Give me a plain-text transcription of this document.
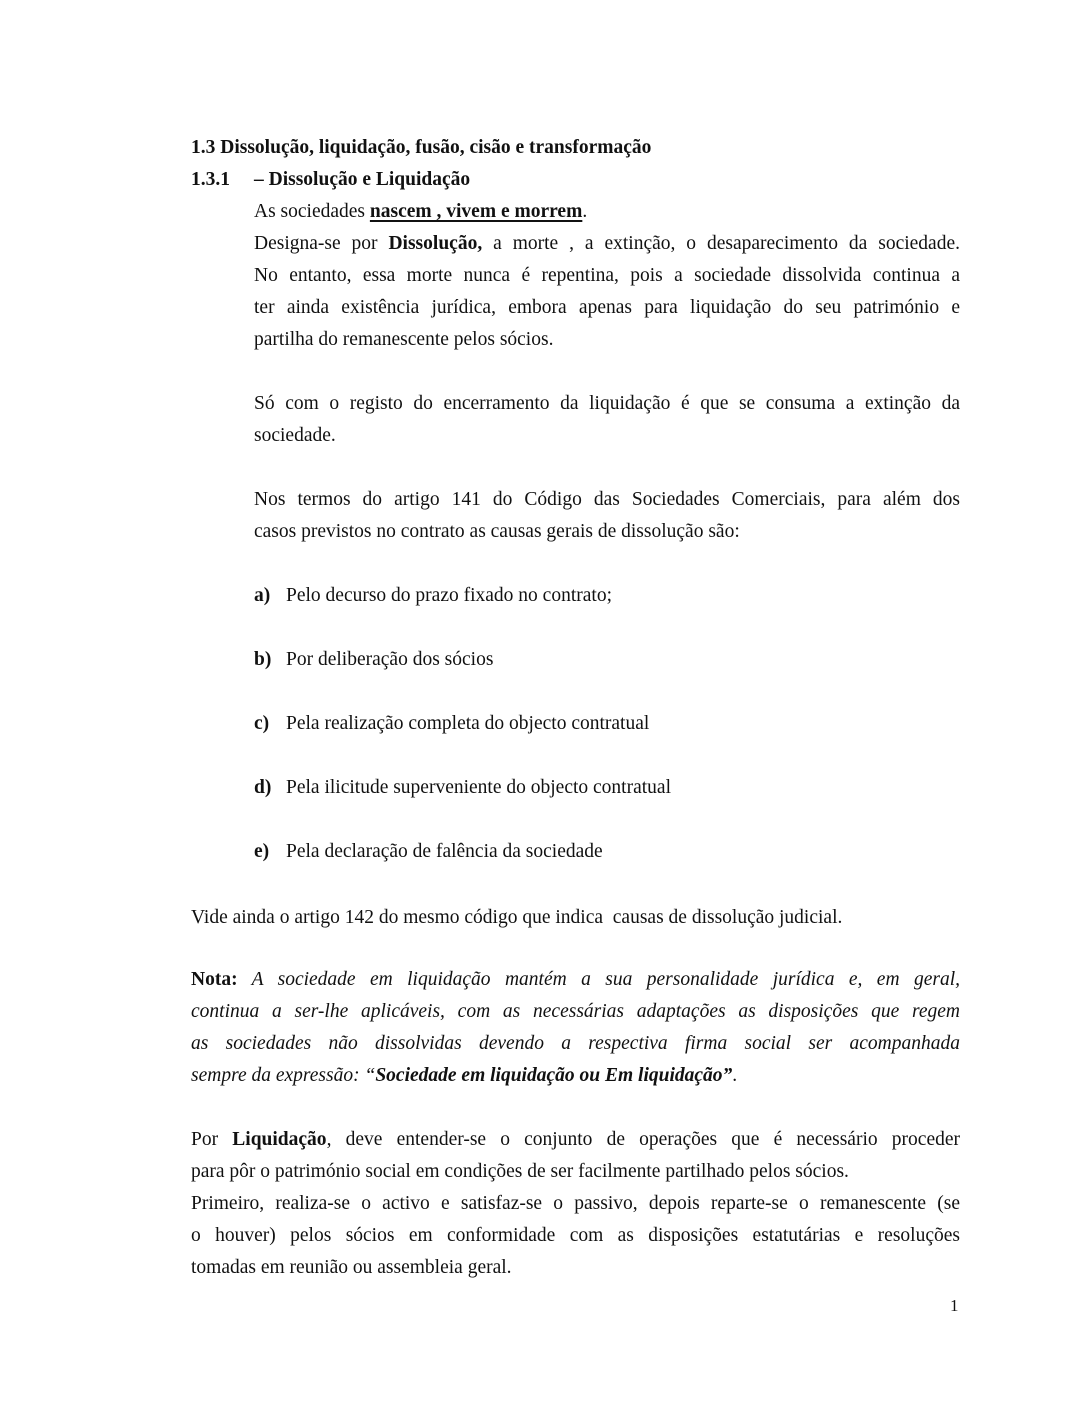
1.3 Dissolução, liquidação, fusão, cisão e transformação
1.3.1 – Dissolução e Liquidação
As sociedades nascem , vivem e morrem.
Designa-se por Dissolução, a morte , a extinção, o desaparecimento da sociedade.
No entanto, essa morte nunca é repentina, pois a sociedade dissolvida continua a
ter ainda existência jurídica, embora apenas para liquidação do seu património e
partilha do remanescente pelos sócios.
Só com o registo do encerramento da liquidação é que se consuma a extinção da
sociedade.
Nos termos do artigo 141 do Código das Sociedades Comerciais, para além dos
casos previstos no contrato as causas gerais de dissolução são:
a) Pelo decurso do prazo fixado no contrato;
b) Por deliberação dos sócios
c) Pela realização completa do objecto contratual
d) Pela ilicitude superveniente do objecto contratual
e) Pela declaração de falência da sociedade
Vide ainda o artigo 142 do mesmo código que indica  causas de dissolução judicial.
Nota: A sociedade em liquidação mantém a sua personalidade jurídica e, em geral,
continua a ser-lhe aplicáveis, com as necessárias adaptações as disposições que regem
as sociedades não dissolvidas devendo a respectiva firma social ser acompanhada
sempre da expressão: “Sociedade em liquidação ou Em liquidação”.
Por Liquidação, deve entender-se o conjunto de operações que é necessário proceder
para pôr o património social em condições de ser facilmente partilhado pelos sócios.
Primeiro, realiza-se o activo e satisfaz-se o passivo, depois reparte-se o remanescente (se
o houver) pelos sócios em conformidade com as disposições estatutárias e resoluções
tomadas em reunião ou assembleia geral.
1
